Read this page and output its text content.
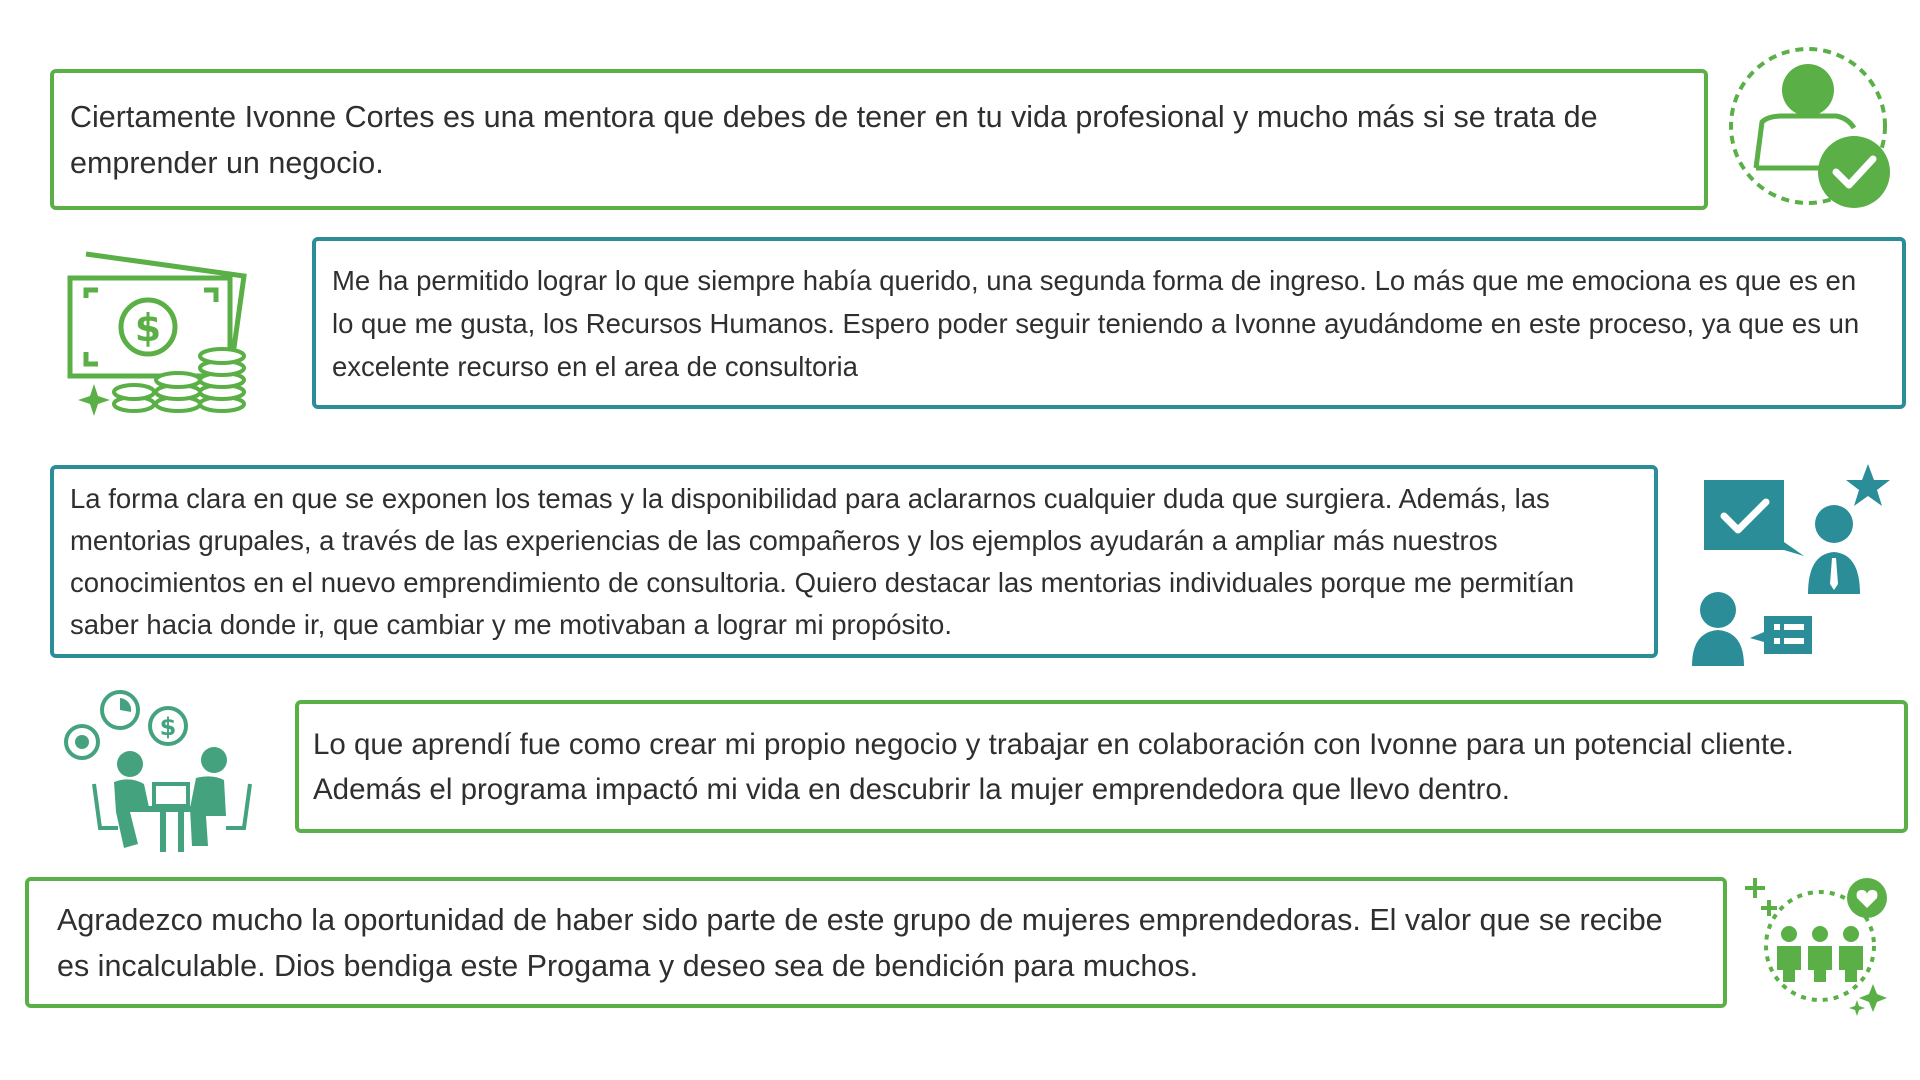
Ciertamente Ivonne Cortes es una mentora que debes de tener en tu vida profesional y mucho más si se trata de emprender un negocio.

$

Me ha permitido lograr lo que siempre había querido, una segunda forma de ingreso. Lo más que me emociona es que es en lo que me gusta, los Recursos Humanos. Espero poder seguir teniendo a Ivonne ayudándome en este proceso, ya que es un excelente recurso en el area de consultoria

La forma clara en que se exponen los temas y la disponibilidad para aclararnos cualquier duda que surgiera. Además, las mentorias grupales, a través de las experiencias de las compañeros y los ejemplos ayudarán a ampliar más nuestros conocimientos en el nuevo emprendimiento de consultoria. Quiero destacar las mentorias individuales porque me permitían saber hacia donde ir, que cambiar y me motivaban a lograr mi propósito.

$

Lo que aprendí fue como crear mi propio negocio y trabajar en colaboración con Ivonne para un potencial cliente. Además el programa impactó mi vida en descubrir la mujer emprendedora que llevo dentro.

Agradezco mucho la oportunidad de haber sido parte de este grupo de mujeres emprendedoras. El valor que se recibe es incalculable. Dios bendiga este Progama y deseo sea de bendición para muchos.
